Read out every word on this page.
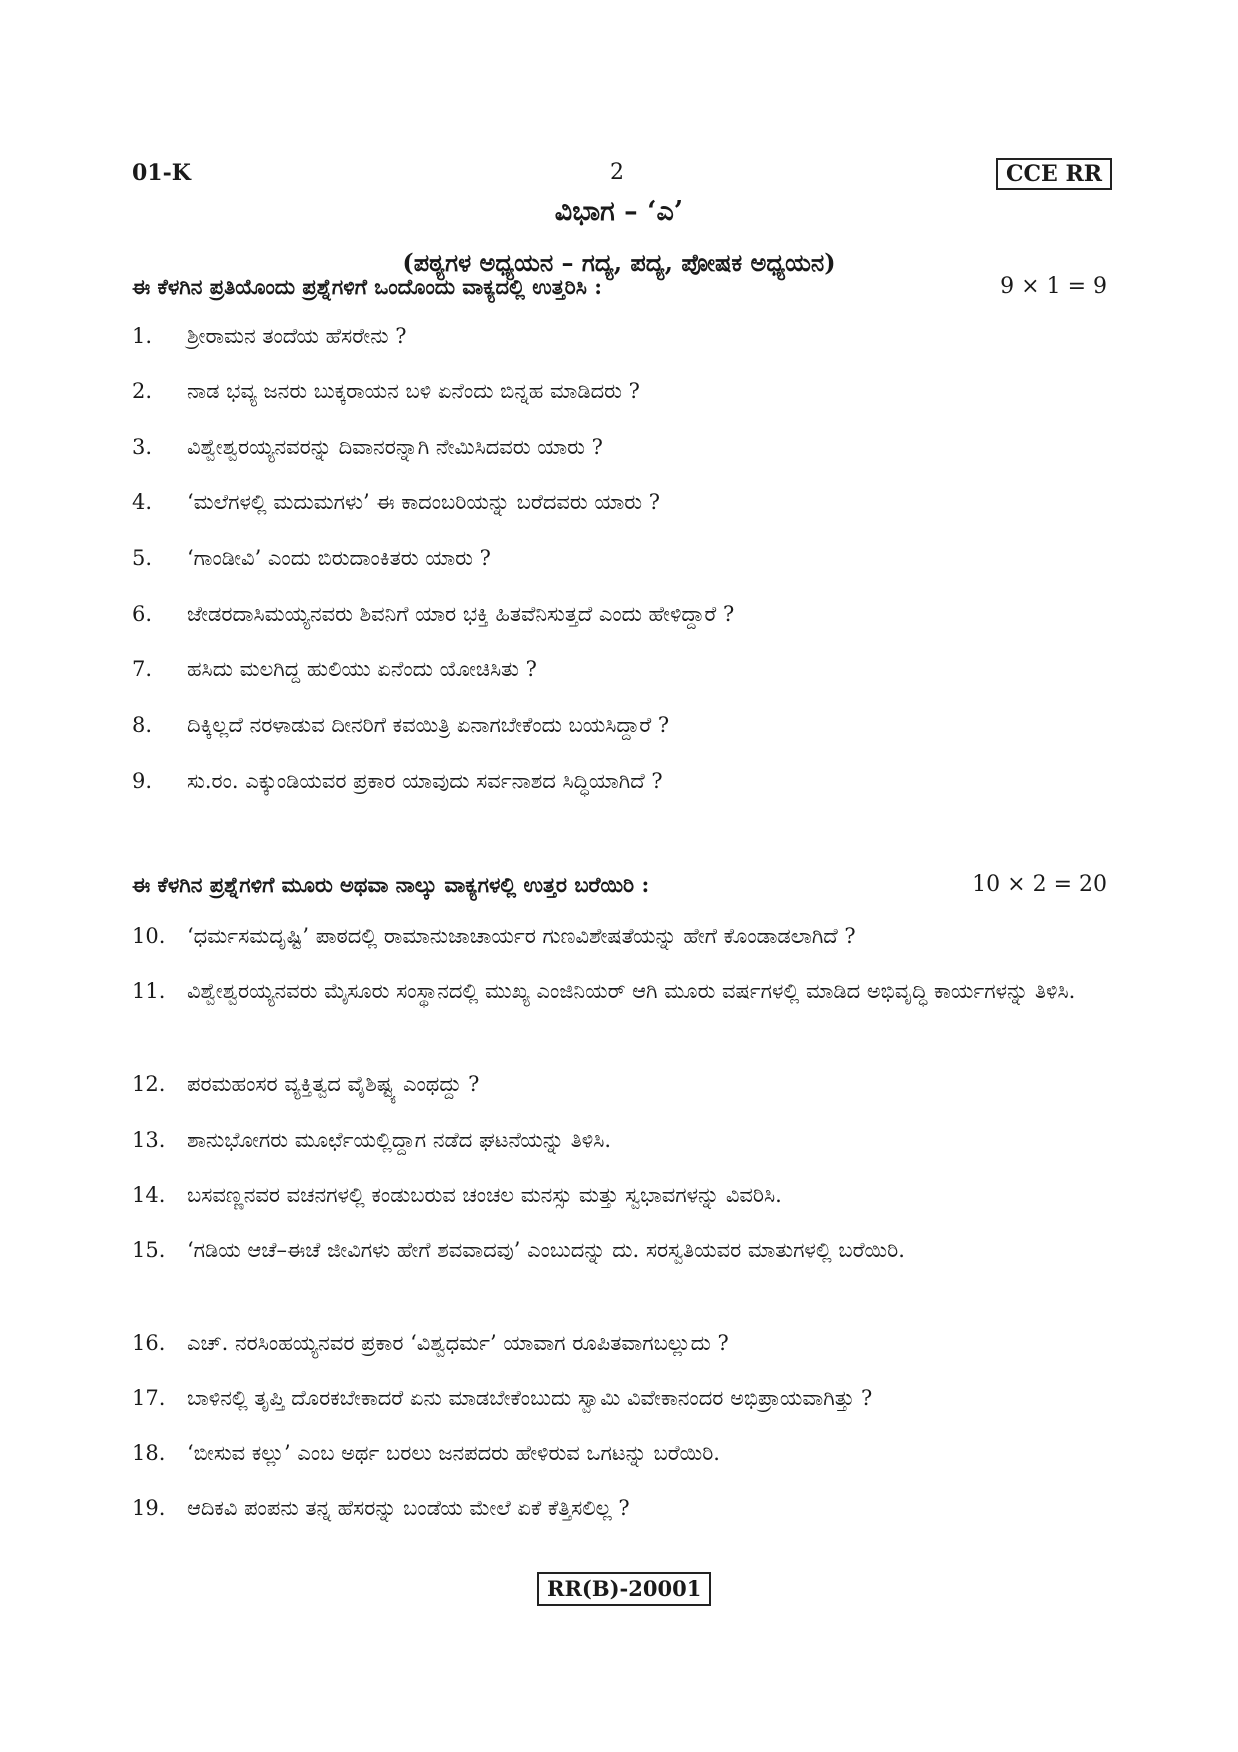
01-K	2	CCE RR
ವಿಭಾಗ – ‘ಎ’
(ಪಠ್ಯಗಳ ಅಧ್ಯಯನ – ಗದ್ಯ, ಪದ್ಯ, ಪೋಷಕ ಅಧ್ಯಯನ)
ಈ ಕೆಳಗಿನ ಪ್ರತಿಯೊಂದು ಪ್ರಶ್ನೆಗಳಿಗೆ ಒಂದೊಂದು ವಾಕ್ಯದಲ್ಲಿ ಉತ್ತರಿಸಿ :	9 × 1 = 9
1.	ಶ್ರೀರಾಮನ ತಂದೆಯ ಹೆಸರೇನು ?
2.	ನಾಡ ಭವ್ಯ ಜನರು ಬುಕ್ಕರಾಯನ ಬಳಿ ಏನೆಂದು ಬಿನ್ನಹ ಮಾಡಿದರು ?
3.	ವಿಶ್ವೇಶ್ವರಯ್ಯನವರನ್ನು ದಿವಾನರನ್ನಾಗಿ ನೇಮಿಸಿದವರು ಯಾರು ?
4.	‘ಮಲೆಗಳಲ್ಲಿ ಮದುಮಗಳು’ ಈ ಕಾದಂಬರಿಯನ್ನು ಬರೆದವರು ಯಾರು ?
5.	‘ಗಾಂಡೀವಿ’ ಎಂದು ಬಿರುದಾಂಕಿತರು ಯಾರು ?
6.	ಜೇಡರದಾಸಿಮಯ್ಯನವರು ಶಿವನಿಗೆ ಯಾರ ಭಕ್ತಿ ಹಿತವೆನಿಸುತ್ತದೆ ಎಂದು ಹೇಳಿದ್ದಾರೆ ?
7.	ಹಸಿದು ಮಲಗಿದ್ದ ಹುಲಿಯು ಏನೆಂದು ಯೋಚಿಸಿತು ?
8.	ದಿಕ್ಕಿಲ್ಲದೆ ನರಳಾಡುವ ದೀನರಿಗೆ ಕವಯಿತ್ರಿ ಏನಾಗಬೇಕೆಂದು ಬಯಸಿದ್ದಾರೆ ?
9.	ಸು.ರಂ. ಎಕ್ಕುಂಡಿಯವರ ಪ್ರಕಾರ ಯಾವುದು ಸರ್ವನಾಶದ ಸಿದ್ಧಿಯಾಗಿದೆ ?
ಈ ಕೆಳಗಿನ ಪ್ರಶ್ನೆಗಳಿಗೆ ಮೂರು ಅಥವಾ ನಾಲ್ಕು ವಾಕ್ಯಗಳಲ್ಲಿ ಉತ್ತರ ಬರೆಯಿರಿ :	10 × 2 = 20
10.	‘ಧರ್ಮಸಮದೃಷ್ಟಿ’ ಪಾಠದಲ್ಲಿ ರಾಮಾನುಜಾಚಾರ್ಯರ ಗುಣವಿಶೇಷತೆಯನ್ನು ಹೇಗೆ ಕೊಂಡಾಡಲಾಗಿದೆ ?
11.	ವಿಶ್ವೇಶ್ವರಯ್ಯನವರು ಮೈಸೂರು ಸಂಸ್ಥಾನದಲ್ಲಿ ಮುಖ್ಯ ಎಂಜಿನಿಯರ್ ಆಗಿ ಮೂರು ವರ್ಷಗಳಲ್ಲಿ ಮಾಡಿದ ಅಭಿವೃದ್ಧಿ ಕಾರ್ಯಗಳನ್ನು ತಿಳಿಸಿ.
12.	ಪರಮಹಂಸರ ವ್ಯಕ್ತಿತ್ವದ ವೈಶಿಷ್ಟ್ಯ ಎಂಥದ್ದು ?
13.	ಶಾನುಭೋಗರು ಮೂರ್ಛೆಯಲ್ಲಿದ್ದಾಗ ನಡೆದ ಘಟನೆಯನ್ನು ತಿಳಿಸಿ.
14.	ಬಸವಣ್ಣನವರ ವಚನಗಳಲ್ಲಿ ಕಂಡುಬರುವ ಚಂಚಲ ಮನಸ್ಸು ಮತ್ತು ಸ್ವಭಾವಗಳನ್ನು ವಿವರಿಸಿ.
15.	‘ಗಡಿಯ ಆಚೆ–ಈಚೆ ಜೀವಿಗಳು ಹೇಗೆ ಶವವಾದವು’ ಎಂಬುದನ್ನು ದು. ಸರಸ್ವತಿಯವರ ಮಾತುಗಳಲ್ಲಿ ಬರೆಯಿರಿ.
16.	ಎಚ್. ನರಸಿಂಹಯ್ಯನವರ ಪ್ರಕಾರ ‘ವಿಶ್ವಧರ್ಮ’ ಯಾವಾಗ ರೂಪಿತವಾಗಬಲ್ಲುದು ?
17.	ಬಾಳಿನಲ್ಲಿ ತೃಪ್ತಿ ದೊರಕಬೇಕಾದರೆ ಏನು ಮಾಡಬೇಕೆಂಬುದು ಸ್ವಾಮಿ ವಿವೇಕಾನಂದರ ಅಭಿಪ್ರಾಯವಾಗಿತ್ತು ?
18.	‘ಬೀಸುವ ಕಲ್ಲು’ ಎಂಬ ಅರ್ಥ ಬರಲು ಜನಪದರು ಹೇಳಿರುವ ಒಗಟನ್ನು ಬರೆಯಿರಿ.
19.	ಆದಿಕವಿ ಪಂಪನು ತನ್ನ ಹೆಸರನ್ನು ಬಂಡೆಯ ಮೇಲೆ ಏಕೆ ಕೆತ್ತಿಸಲಿಲ್ಲ ?
RR(B)-20001
